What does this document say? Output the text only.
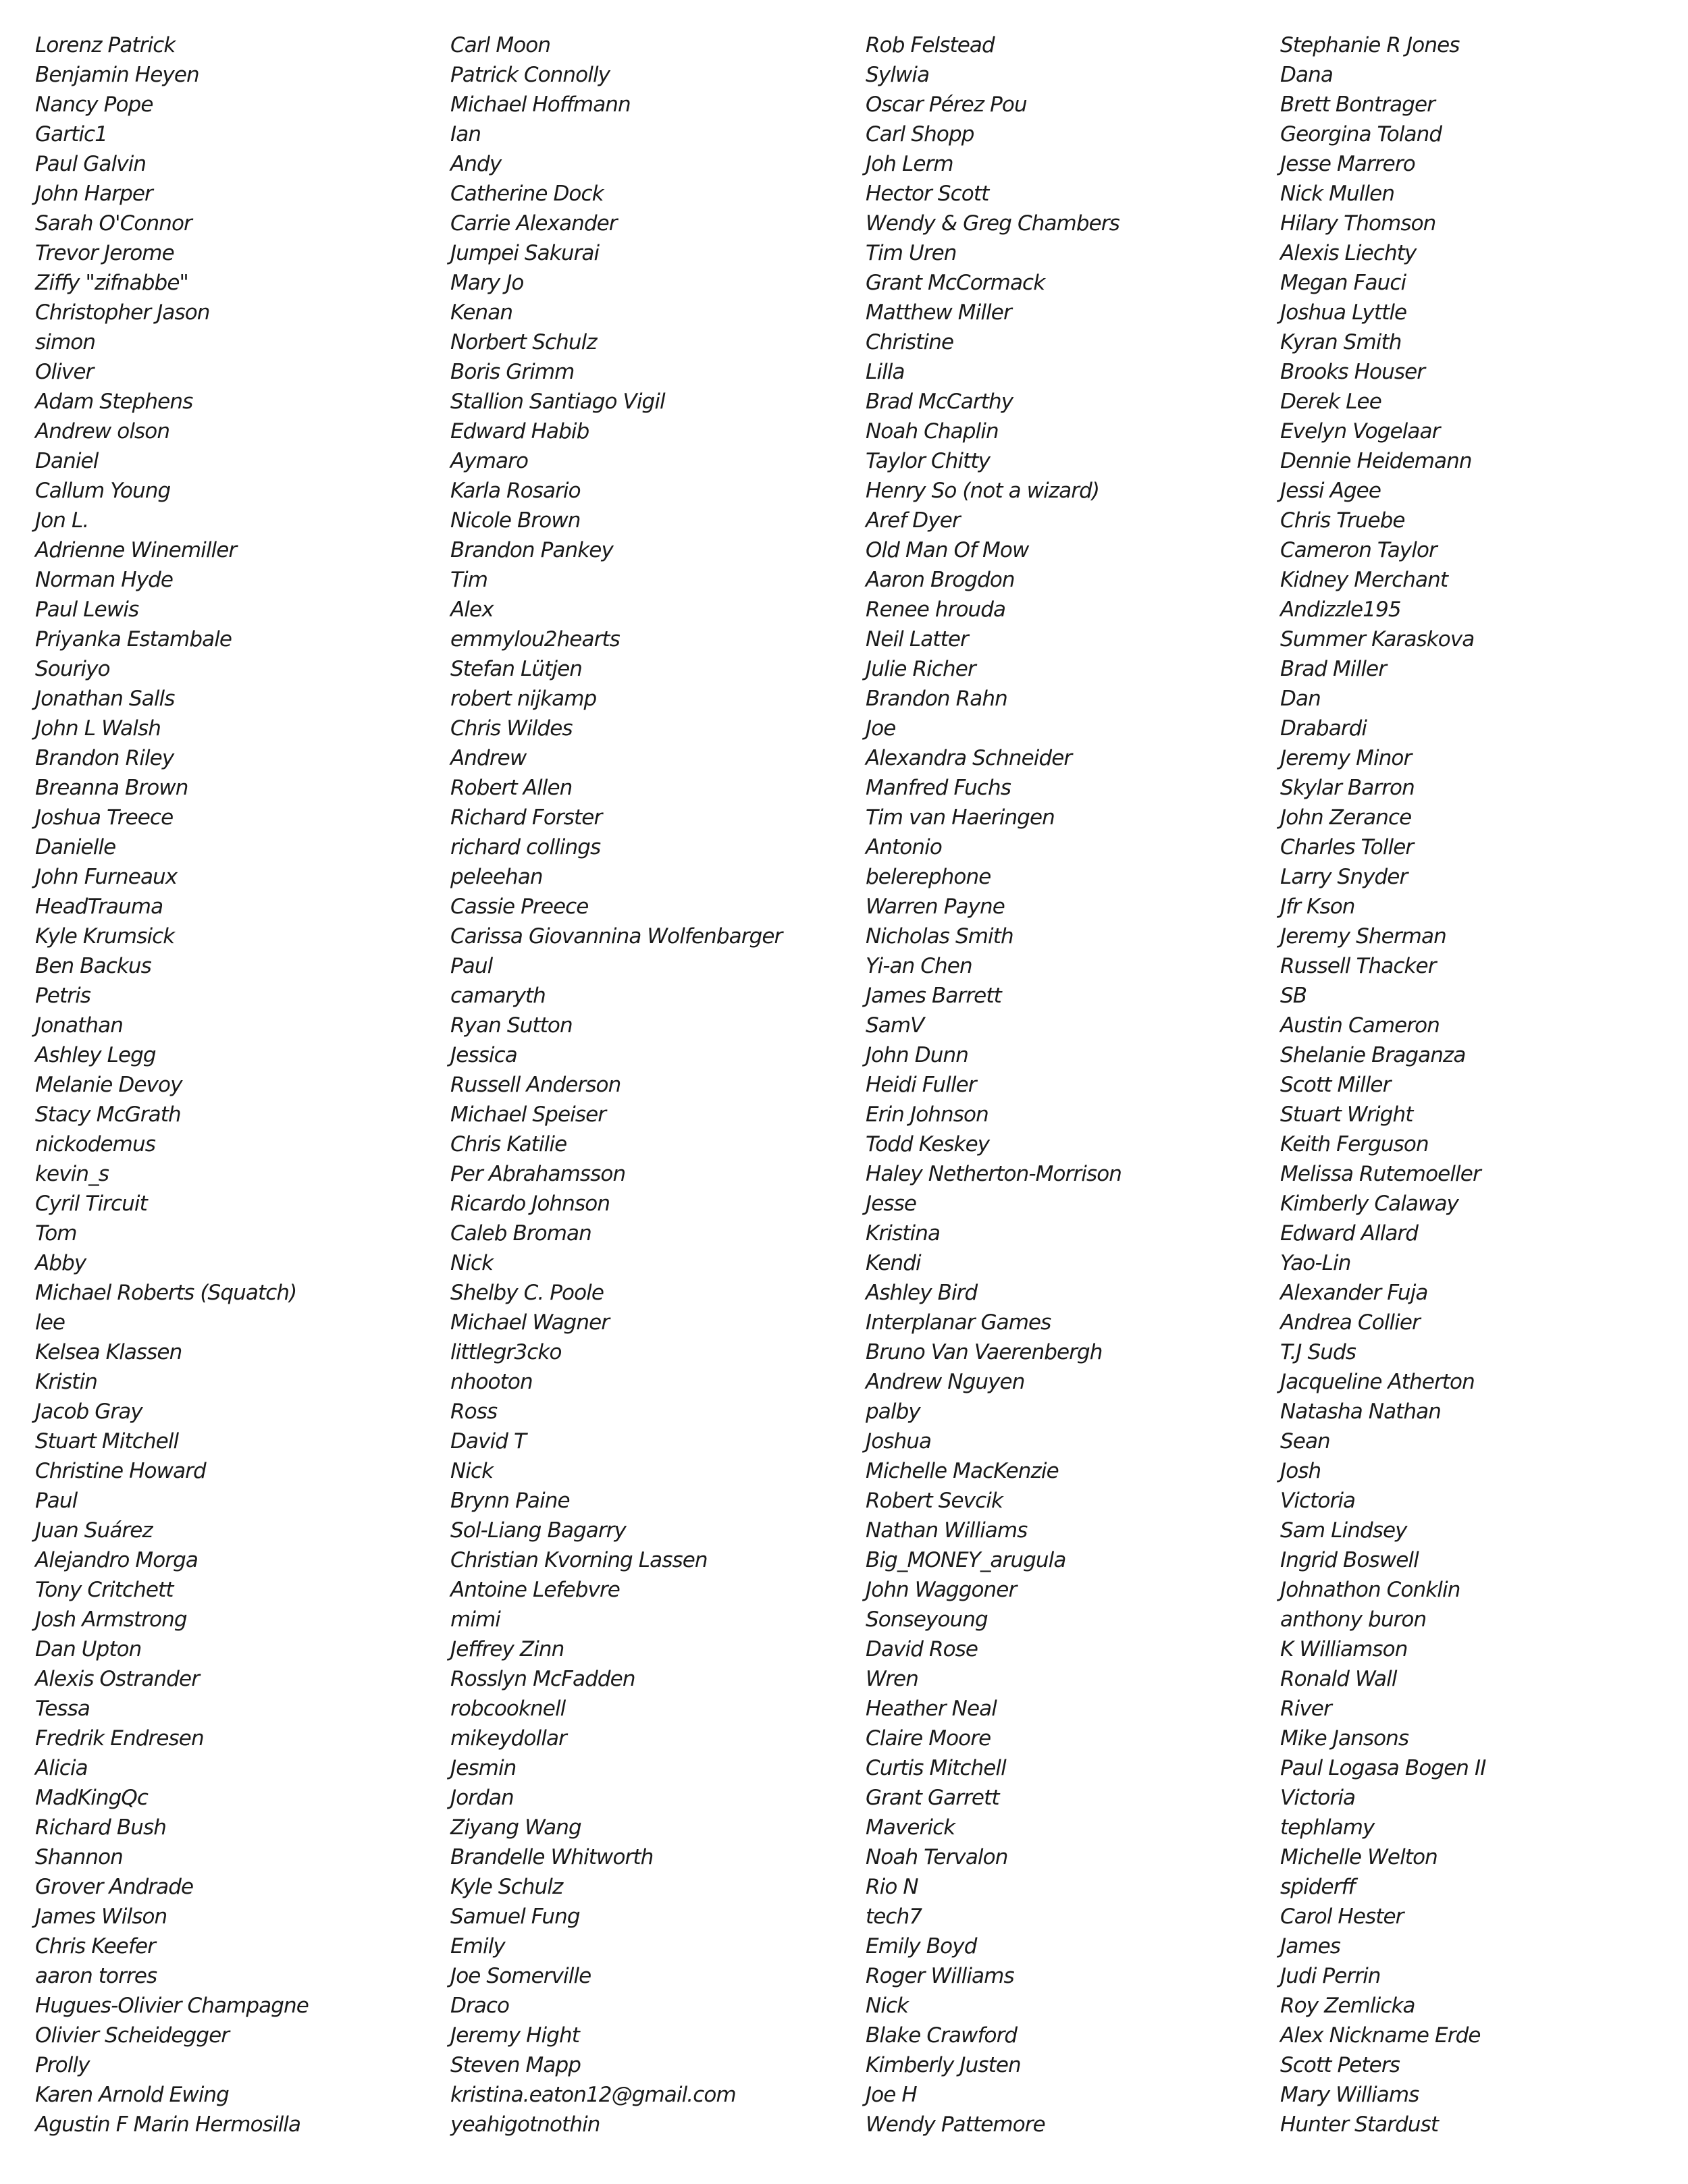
Lorenz Patrick
Benjamin Heyen
Nancy Pope
Gartic1
Paul Galvin
John Harper
Sarah O'Connor
Trevor Jerome
Ziffy "zifnabbe"
Christopher Jason
simon
Oliver
Adam Stephens
Andrew olson
Daniel
Callum Young
Jon L.
Adrienne Winemiller
Norman Hyde
Paul Lewis
Priyanka Estambale
Souriyo
Jonathan Salls
John L Walsh
Brandon Riley
Breanna Brown
Joshua Treece
Danielle
John Furneaux
HeadTrauma
Kyle Krumsick
Ben Backus
Petris
Jonathan
Ashley Legg
Melanie Devoy
Stacy McGrath
nickodemus
kevin_s
Cyril Tircuit
Tom
Abby
Michael Roberts (Squatch)
lee
Kelsea Klassen
Kristin
Jacob Gray
Stuart Mitchell
Christine Howard
Paul
Juan Suárez
Alejandro Morga
Tony Critchett
Josh Armstrong
Dan Upton
Alexis Ostrander
Tessa
Fredrik Endresen
Alicia
MadKingQc
Richard Bush
Shannon
Grover Andrade
James Wilson
Chris Keefer
aaron torres
Hugues-Olivier Champagne
Olivier Scheidegger
Prolly
Karen Arnold Ewing
Agustin F Marin Hermosilla
Carl Moon
Patrick Connolly
Michael Hoffmann
Ian
Andy
Catherine Dock
Carrie Alexander
Jumpei Sakurai
Mary Jo
Kenan
Norbert Schulz
Boris Grimm
Stallion Santiago Vigil
Edward Habib
Aymaro
Karla Rosario
Nicole Brown
Brandon Pankey
Tim
Alex
emmylou2hearts
Stefan Lütjen
robert nijkamp
Chris Wildes
Andrew
Robert Allen
Richard Forster
richard collings
peleehan
Cassie Preece
Carissa Giovannina Wolfenbarger
Paul
camaryth
Ryan Sutton
Jessica
Russell Anderson
Michael Speiser
Chris Katilie
Per Abrahamsson
Ricardo Johnson
Caleb Broman
Nick
Shelby C. Poole
Michael Wagner
littlegr3cko
nhooton
Ross
David T
Nick
Brynn Paine
Sol-Liang Bagarry
Christian Kvorning Lassen
Antoine Lefebvre
mimi
Jeffrey Zinn
Rosslyn McFadden
robcooknell
mikeydollar
Jesmin
Jordan
Ziyang Wang
Brandelle Whitworth
Kyle Schulz
Samuel Fung
Emily
Joe Somerville
Draco
Jeremy Hight
Steven Mapp
kristina.eaton12@gmail.com
yeahigotnothin
Rob Felstead
Sylwia
Oscar Pérez Pou
Carl Shopp
Joh Lerm
Hector Scott
Wendy & Greg Chambers
Tim Uren
Grant McCormack
Matthew Miller
Christine
Lilla
Brad McCarthy
Noah Chaplin
Taylor Chitty
Henry So (not a wizard)
Aref Dyer
Old Man Of Mow
Aaron Brogdon
Renee hrouda
Neil Latter
Julie Richer
Brandon Rahn
Joe
Alexandra Schneider
Manfred Fuchs
Tim van Haeringen
Antonio
belerephone
Warren Payne
Nicholas Smith
Yi-an Chen
James Barrett
SamV
John Dunn
Heidi Fuller
Erin Johnson
Todd Keskey
Haley Netherton-Morrison
Jesse
Kristina
Kendi
Ashley Bird
Interplanar Games
Bruno Van Vaerenbergh
Andrew Nguyen
palby
Joshua
Michelle MacKenzie
Robert Sevcik
Nathan Williams
Big_MONEY_arugula
John Waggoner
Sonseyoung
David Rose
Wren
Heather Neal
Claire Moore
Curtis Mitchell
Grant Garrett
Maverick
Noah Tervalon
Rio N
tech7
Emily Boyd
Roger Williams
Nick
Blake Crawford
Kimberly Justen
Joe H
Wendy Pattemore
Stephanie R Jones
Dana
Brett Bontrager
Georgina Toland
Jesse Marrero
Nick Mullen
Hilary Thomson
Alexis Liechty
Megan Fauci
Joshua Lyttle
Kyran Smith
Brooks Houser
Derek Lee
Evelyn Vogelaar
Dennie Heidemann
Jessi Agee
Chris Truebe
Cameron Taylor
Kidney Merchant
Andizzle195
Summer Karaskova
Brad Miller
Dan
Drabardi
Jeremy Minor
Skylar Barron
John Zerance
Charles Toller
Larry Snyder
Jfr Kson
Jeremy Sherman
Russell Thacker
SB
Austin Cameron
Shelanie Braganza
Scott Miller
Stuart Wright
Keith Ferguson
Melissa Rutemoeller
Kimberly Calaway
Edward Allard
Yao-Lin
Alexander Fuja
Andrea Collier
T.J Suds
Jacqueline Atherton
Natasha Nathan
Sean
Josh
Victoria
Sam Lindsey
Ingrid Boswell
Johnathon Conklin
anthony buron
K Williamson
Ronald Wall
River
Mike Jansons
Paul Logasa Bogen II
Victoria
tephlamy
Michelle Welton
spiderff
Carol Hester
James
Judi Perrin
Roy Zemlicka
Alex Nickname Erde
Scott Peters
Mary Williams
Hunter Stardust
